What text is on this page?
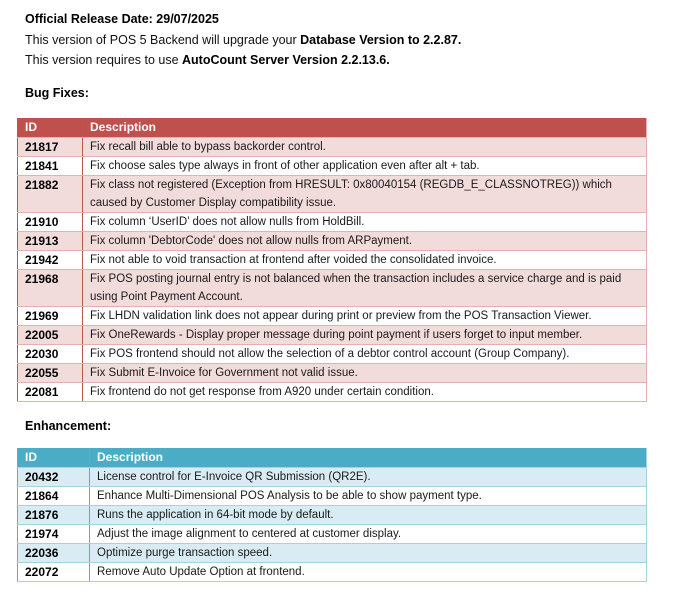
Official Release Date: 29/07/2025

This version of POS 5 Backend will upgrade your Database Version to 2.2.87.

This version requires to use AutoCount Server Version 2.2.13.6.

Bug Fixes:

ID	Description
21817	Fix recall bill able to bypass backorder control.
21841	Fix choose sales type always in front of other application even after alt + tab.
21882	Fix class not registered (Exception from HRESULT: 0x80040154 (REGDB_E_CLASSNOTREG)) which caused by Customer Display compatibility issue.
21910	Fix column ‘UserID’ does not allow nulls from HoldBill.
21913	Fix column 'DebtorCode' does not allow nulls from ARPayment.
21942	Fix not able to void transaction at frontend after voided the consolidated invoice.
21968	Fix POS posting journal entry is not balanced when the transaction includes a service charge and is paid using Point Payment Account.
21969	Fix LHDN validation link does not appear during print or preview from the POS Transaction Viewer.
22005	Fix OneRewards - Display proper message during point payment if users forget to input member.
22030	Fix POS frontend should not allow the selection of a debtor control account (Group Company).
22055	Fix Submit E-Invoice for Government not valid issue.
22081	Fix frontend do not get response from A920 under certain condition.

Enhancement:

ID	Description
20432	License control for E-Invoice QR Submission (QR2E).
21864	Enhance Multi-Dimensional POS Analysis to be able to show payment type.
21876	Runs the application in 64-bit mode by default.
21974	Adjust the image alignment to centered at customer display.
22036	Optimize purge transaction speed.
22072	Remove Auto Update Option at frontend.
